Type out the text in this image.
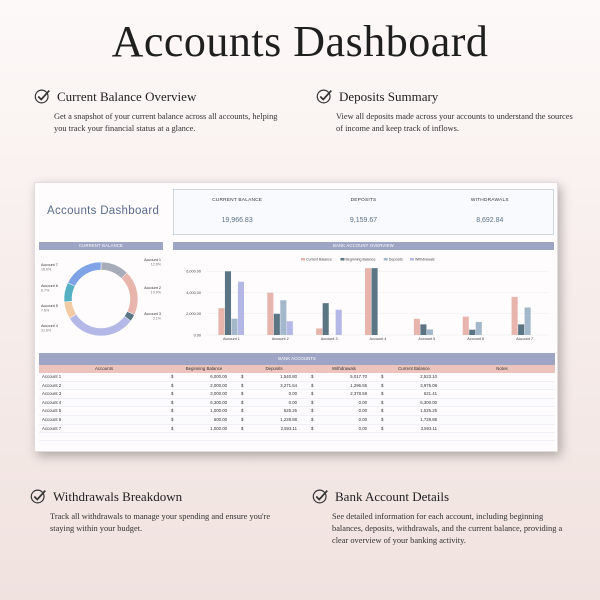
Accounts Dashboard
Current Balance Overview
Get a snapshot of your current balance across all accounts, helping you track your financial status at a glance.
Deposits Summary
View all deposits made across your accounts to understand the sources of income and keep track of inflows.
Withdrawals Breakdown
Track all withdrawals to manage your spending and ensure you're staying within your budget.
Bank Account Details
See detailed information for each account, including beginning balances, deposits, withdrawals, and the current balance, providing a clear overview of your banking activity.
Accounts Dashboard
CURRENT BALANCE
19,966.83
DEPOSITS
9,159.67
WITHDRAWALS
8,692.84
CURRENT BALANCE	BANK ACCOUNT OVERVIEW
Account 1
12.6%
Account 2
19.9%
Account 3
3.1%
Account 4
31.6%
Account 5
7.6%
Account 6
8.7%
Account 7
18.0%
Current Balance	Beginning Balance	Deposits	Withdrawals
0.00
2,000.00
4,000.00
6,000.00
Account 1	Account 2	Account 3	Account 4	Account 5	Account 6	Account 7
BANK ACCOUNTS
Accounts	Beginning Balance	Deposits	Withdrawals	Current Balance	Notes
Account 1	$	6,000.00	$	1,540.80	$	5,017.70	$	2,523.10
Account 2	$	2,000.00	$	3,271.64	$	1,296.55	$	3,975.08
Account 3	$	3,000.00	$	0.00	$	2,378.59	$	621.41
Account 4	$	6,300.00	$	0.00	$	0.00	$	6,300.00
Account 5	$	1,000.00	$	525.25	$	0.00	$	1,525.25
Account 6	$	500.00	$	1,228.88	$	0.00	$	1,728.88
Account 7	$	1,000.00	$	2,593.11	$	0.00	$	3,593.11
